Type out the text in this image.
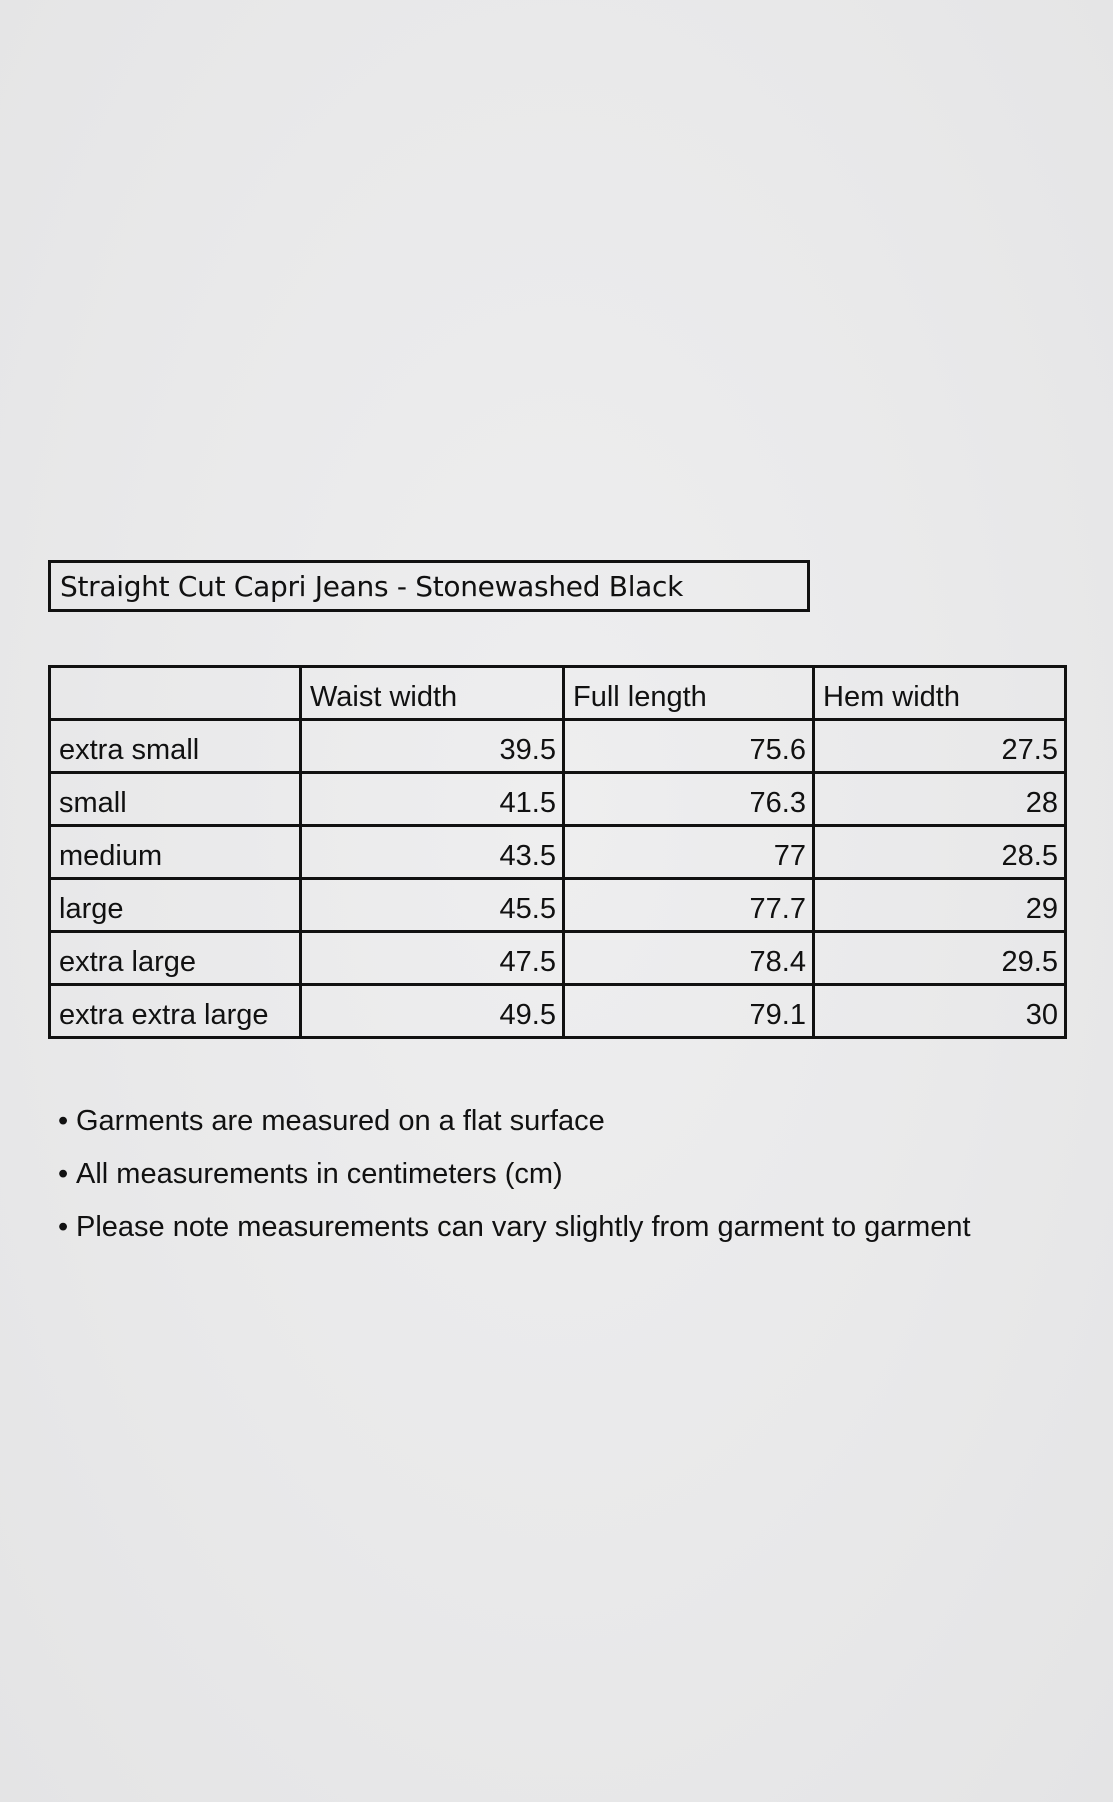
Straight Cut Capri Jeans - Stonewashed Black
	Waist width	Full length	Hem width
extra small	39.5	75.6	27.5
small	41.5	76.3	28
medium	43.5	77	28.5
large	45.5	77.7	29
extra large	47.5	78.4	29.5
extra extra large	49.5	79.1	30
• Garments are measured on a flat surface
• All measurements in centimeters (cm)
• Please note measurements can vary slightly from garment to garment
